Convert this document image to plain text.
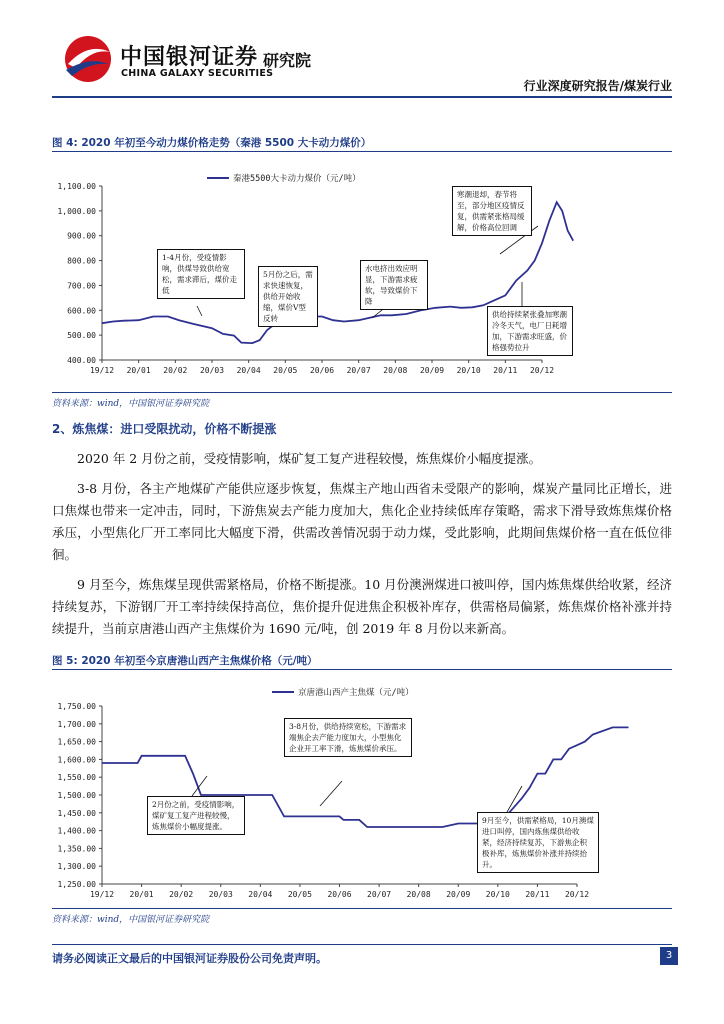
中国银河证券 研究院
CHINA GALAXY SECURITIES
行业深度研究报告/煤炭行业
图 4: 2020 年初至今动力煤价格走势（秦港 5500 大卡动力煤价）
400.00
500.00
600.00
700.00
800.00
900.00
1,000.00
1,100.00
19/12 20/01 20/02 20/03 20/04 20/05 20/06 20/07 20/08 20/09 20/10 20/11 20/12
秦港5500大卡动力煤价（元/吨）
1-4月份，受疫情影响，供煤导致供给宽松，需求滞后，煤价走低
5月份之后，需求快速恢复，供给开始收缩，煤价V型反转
水电挤出效应明显，下游需求疲软，导致煤价下降
寒潮退却，春节将至，部分地区疫情反复，供需紧张格局缓解，价格高位回调
供给持续紧张叠加寒潮冷冬天气，电厂日耗增加，下游需求旺盛，价格强势拉升
资料来源：wind，中国银河证券研究院
2、炼焦煤：进口受限扰动，价格不断提涨

2020 年 2 月份之前，受疫情影响，煤矿复工复产进程较慢，炼焦煤价小幅度提涨。

3-8 月份，各主产地煤矿产能供应逐步恢复，焦煤主产地山西省未受限产的影响，煤炭产量同比正增长，进口焦煤也带来一定冲击，同时，下游焦炭去产能力度加大，焦化企业持续低库存策略，需求下滑导致炼焦煤价格承压，小型焦化厂开工率同比大幅度下滑，供需改善情况弱于动力煤，受此影响，此期间焦煤价格一直在低位徘徊。

9 月至今，炼焦煤呈现供需紧格局，价格不断提涨。10 月份澳洲煤进口被叫停，国内炼焦煤供给收紧，经济持续复苏，下游钢厂开工率持续保持高位，焦价提升促进焦企积极补库存，供需格局偏紧，炼焦煤价格补涨并持续提升，当前京唐港山西产主焦煤价为 1690 元/吨，创 2019 年 8 月份以来新高。

图 5: 2020 年初至今京唐港山西产主焦煤价格（元/吨）
1,250.00
1,300.00
1,350.00
1,400.00
1,450.00
1,500.00
1,550.00
1,600.00
1,650.00
1,700.00
1,750.00
19/12 20/01 20/02 20/03 20/04 20/05 20/06 20/07 20/08 20/09 20/10 20/11 20/12
京唐港山西产主焦煤（元/吨）
2月份之前，受疫情影响，煤矿复工复产进程较慢，炼焦煤价小幅度提涨。
3-8月份，供给持续宽松，下游需求端焦企去产能力度加大，小型焦化企业开工率下滑，炼焦煤价承压。
9月至今，供需紧格局，10月澳煤进口叫停，国内炼焦煤供给收紧，经济持续复苏，下游焦企积极补库，炼焦煤价补涨并持续抬升。
资料来源：wind，中国银河证券研究院
请务必阅读正文最后的中国银河证券股份公司免责声明。	3
